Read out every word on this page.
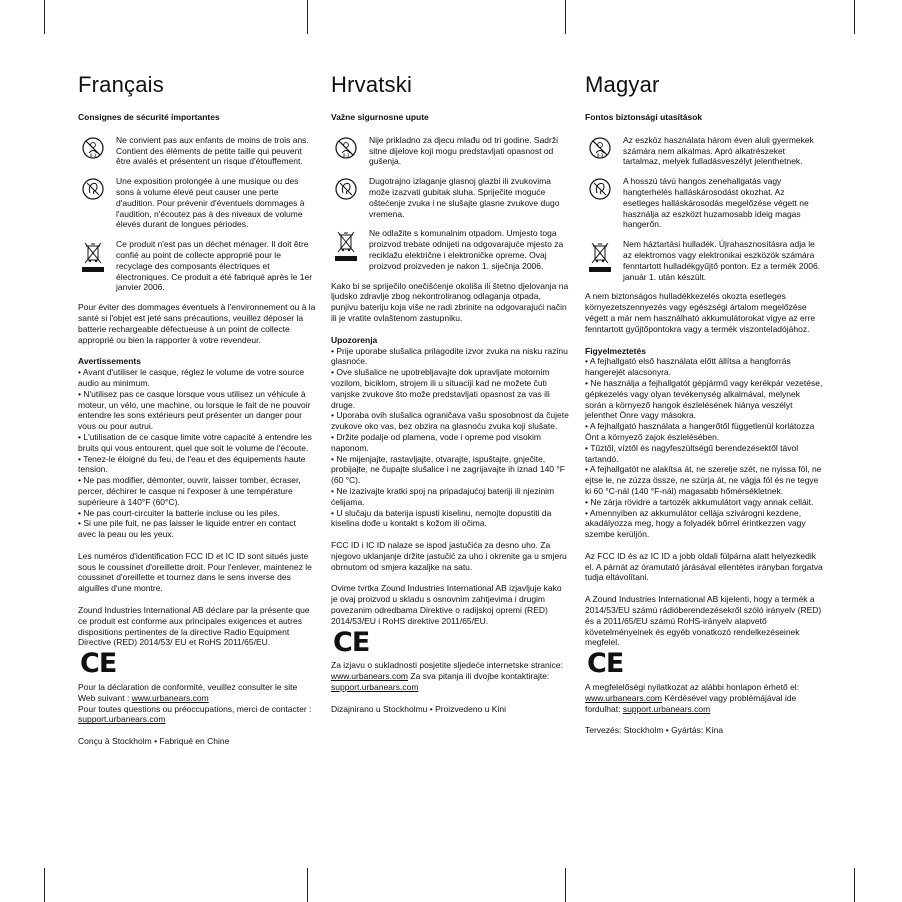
Français
Consignes de sécurité importantes
0-3
Ne convient pas aux enfants de moins de trois ans. Contient des éléments de petite taille qui peuvent être avalés et présentent un risque d'étouffement.
Une exposition prolongée à une musique ou des sons à volume élevé peut causer une perte d'audition. Pour prévenir d'éventuels dommages à l'audition, n'écoutez pas à des niveaux de volume élevés durant de longues périodes.
Ce produit n'est pas un déchet ménager. Il doit être confié au point de collecte approprié pour le recyclage des composants électriques et électroniques. Ce produit a été fabriqué après le 1er janvier 2006.

Pour éviter des dommages éventuels à l'environnement ou à la santé si l'objet est jeté sans précautions, veuillez déposer la batterie rechargeable défectueuse à un point de collecte approprié ou bien la rapporter à votre revendeur.

Avertissements
• Avant d'utiliser le casque, réglez le volume de votre source audio au minimum.
• N'utilisez pas ce casque lorsque vous utilisez un véhicule à moteur, un vélo, une machine, ou lorsque le fait de ne pouvoir entendre les sons extérieurs peut présenter un danger pour vous ou pour autrui.
• L'utilisation de ce casque limite votre capacité à entendre les bruits qui vous entourent, quel que soit le volume de l'écoute.
• Tenez-le éloigné du feu, de l'eau et des équipements haute tension.
• Ne pas modifier, démonter, ouvrir, laisser tomber, écraser, percer, déchirer le casque ni l'exposer à une température supérieure à 140°F (60°C).
• Ne pas court-circuiter la batterie incluse ou les piles.
• Si une pile fuit, ne pas laisser le liquide entrer en contact avec la peau ou les yeux.

Les numéros d'identification FCC ID et IC ID sont situés juste sous le coussinet d'oreillette droit. Pour l'enlever, maintenez le coussinet d'oreillette et tournez dans le sens inverse des aiguilles d'une montre.

Zound Industries International AB déclare par la présente que ce produit est conforme aux principales exigences et autres dispositions pertinentes de la directive Radio Equipment Directive (RED) 2014/53/ EU et RoHS 2011/65/EU.

CE

Pour la déclaration de conformité, veuillez consulter le site Web suivant : www.urbanears.com
Pour toutes questions ou préoccupations, merci de contacter : support.urbanears.com

Conçu à Stockholm • Fabriqué en Chine

Hrvatski
Važne sigurnosne upute
0-3
Nije prikladno za djecu mlađu od tri godine. Sadrži sitne dijelove koji mogu predstavljati opasnost od gušenja.
Dugotrajno izlaganje glasnoj glazbi ili zvukovima može izazvati gubitak sluha. Spriječite moguće oštećenje zvuka i ne slušajte glasne zvukove dugo vremena.
Ne odlažite s komunalnim otpadom. Umjesto toga proizvod trebate odnijeti na odgovarajuće mjesto za reciklažu električne i elektroničke opreme. Ovaj proizvod proizveden je nakon 1. siječnja 2006.

Kako bi se spriječilo onečišćenje okoliša ili štetno djelovanja na ljudsko zdravlje zbog nekontroliranog odlaganja otpada, punjivu bateriju koja više ne radi zbrinite na odgovarajući način ili je vratite ovlaštenom zastupniku.

Upozorenja
• Prije uporabe slušalica prilagodite izvor zvuka na nisku razinu glasnoće.
• Ove slušalice ne upotrebljavajte dok upravljate motornim vozilom, biciklom, strojem ili u situaciji kad ne možete čuti vanjske zvukove što može predstavljati opasnost za vas ili druge.
• Uporaba ovih slušalica ograničava vašu sposobnost da čujete zvukove oko vas, bez obzira na glasnoću zvuka koji slušate.
• Držite podalje od plamena, vode i opreme pod visokim naponom.
• Ne mijenjajte, rastavljajte, otvarajte, ispuštajte, gnječite, probijajte, ne čupajte slušalice i ne zagrijavajte ih iznad 140 °F (60 °C).
• Ne izazivajte kratki spoj na pripadajućoj bateriji ili njezinim ćelijama.
• U slučaju da baterija ispusti kiselinu, nemojte dopustiti da kiselina dođe u kontakt s kožom ili očima.

FCC ID i IC ID nalaze se ispod jastučića za desno uho. Za njegovo uklanjanje držite jastučić za uho i okrenite ga u smjeru obrnutom od smjera kazaljke na satu.

Ovime tvrtka Zound Industries International AB izjavljuje kako je ovaj proizvod u skladu s osnovnim zahtjevima i drugim povezanim odredbama Direktive o radijskoj opremi (RED) 2014/53/EU i RoHS direktive 2011/65/EU.

CE

Za izjavu o sukladnosti posjetite sljedeće internetske stranice: www.urbanears.com Za sva pitanja ili dvojbe kontaktirajte: support.urbanears.com

Dizajnirano u Stockholmu • Proizvedeno u Kini

Magyar
Fontos biztonsági utasítások
0-3
Az eszköz használata három éven aluli gyermekek számára nem alkalmas. Apró alkatrészeket tartalmaz, melyek fulladásveszélyt jelenthetnek.
A hosszú távú hangos zenehallgatás vagy hangterhelés halláskárosodást okozhat. Az esetleges halláskárosodás megelőzése végett ne használja az eszközt huzamosabb ideig magas hangerőn.
Nem háztartási hulladék. Újrahasznosításra adja le az elektromos vagy elektronikai eszközök számára fenntartott hulladékgyűjtő ponton. Ez a termék 2006. január 1. után készült.

A nem biztonságos hulladékkezelés okozta esetleges környezetszennyezés vagy egészségi ártalom megelőzése végett a már nem használható akkumulátorokat vigye az erre fenntartott gyűjtőpontokra vagy a termék viszonteladójához.

Figyelmeztetés
• A fejhallgató első használata előtt állítsa a hangforrás hangerejét alacsonyra.
• Ne használja a fejhallgatót gépjármű vagy kerékpár vezetése, gépkezelés vagy olyan tevékenység alkalmával, melynek során a környező hangok észlelésének hiánya veszélyt jelenthet Önre vagy másokra.
• A fejhallgató használata a hangerőtől függetlenül korlátozza Önt a környező zajok észlelésében.
• Tűztől, víztől és nagyfeszültségű berendezésektől távol tartandó.
• A fejhallgatót ne alakítsa át, ne szerelje szét, ne nyissa föl, ne ejtse le, ne zúzza össze, ne szúrja át, ne vágja föl és ne tegye ki 60 °C-nál (140 °F-nál) magasabb hőmérsékletnek.
• Ne zárja rövidre a tartozék akkumulátort vagy annak celláit.
• Amennyiben az akkumulátor cellája szivárogni kezdene, akadályozza meg, hogy a folyadék bőrrel érintkezzen vagy szembe kerüljön.

Az FCC ID és az IC ID a jobb oldali fülpárna alatt helyezkedik el. A párnát az óramutató járásával ellentétes irányban forgatva tudja eltávolítani.

A Zound Industries International AB kijelenti, hogy a termék a 2014/53/EU számú rádióberendezésekről szóló irányelv (RED) és a 2011/65/EU számú RoHS-irányelv alapvető követelményeinek és egyéb vonatkozó rendelkezéseinek megfelel.

CE

A megfelelőségi nyilatkozat az alábbi honlapon érhető el: www.urbanears.com Kérdésével vagy problémájával ide fordulhat: support.urbanears.com

Tervezés: Stockholm • Gyártás: Kína
